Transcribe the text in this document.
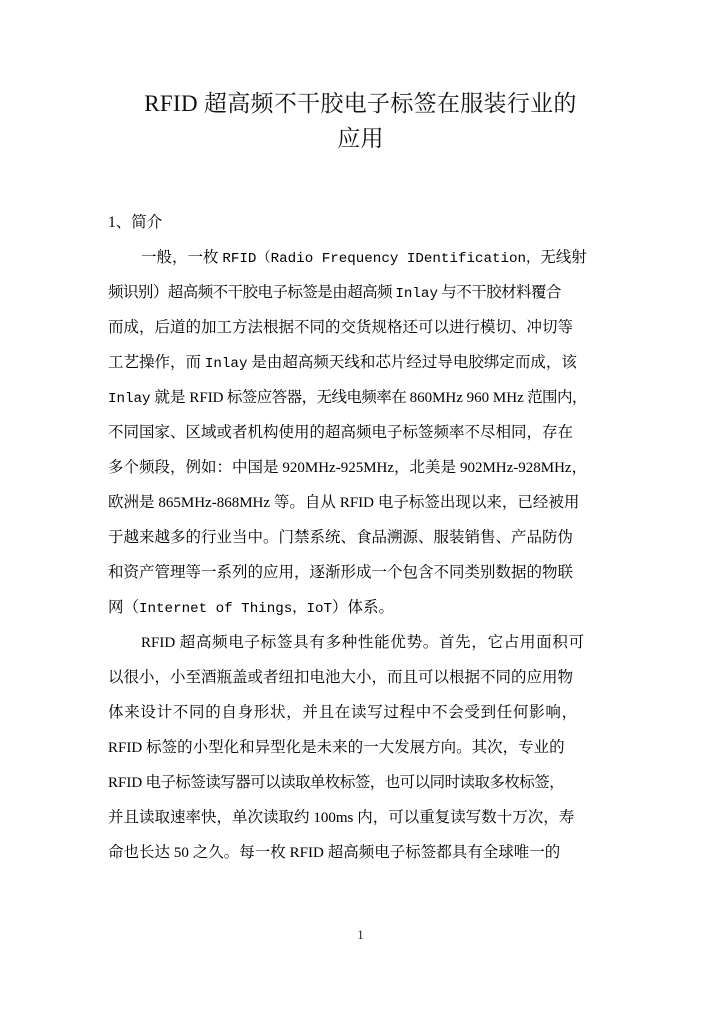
RFID 超高频不干胶电子标签在服装行业的
应用
1、简介
一般，一枚 RFID（Radio Frequency IDentification，无线射
频识别）超高频不干胶电子标签是由超高频 Inlay 与不干胶材料覆合
而成，后道的加工方法根据不同的交货规格还可以进行模切、冲切等
工艺操作，而 Inlay 是由超高频天线和芯片经过导电胶绑定而成，该
Inlay 就是 RFID 标签应答器，无线电频率在 860MHz 960 MHz 范围内，
不同国家、区域或者机构使用的超高频电子标签频率不尽相同，存在
多个频段，例如：中国是 920MHz-925MHz，北美是 902MHz-928MHz，
欧洲是 865MHz-868MHz 等。自从 RFID 电子标签出现以来，已经被用
于越来越多的行业当中。门禁系统、食品溯源、服装销售、产品防伪
和资产管理等一系列的应用，逐渐形成一个包含不同类别数据的物联
网（Internet of Things，IoT）体系。
RFID 超高频电子标签具有多种性能优势。首先，它占用面积可
以很小，小至酒瓶盖或者纽扣电池大小，而且可以根据不同的应用物
体来设计不同的自身形状，并且在读写过程中不会受到任何影响，
RFID 标签的小型化和异型化是未来的一大发展方向。其次，专业的
RFID 电子标签读写器可以读取单枚标签，也可以同时读取多枚标签，
并且读取速率快，单次读取约 100ms 内，可以重复读写数十万次，寿
命也长达 50 之久。每一枚 RFID 超高频电子标签都具有全球唯一的
1
